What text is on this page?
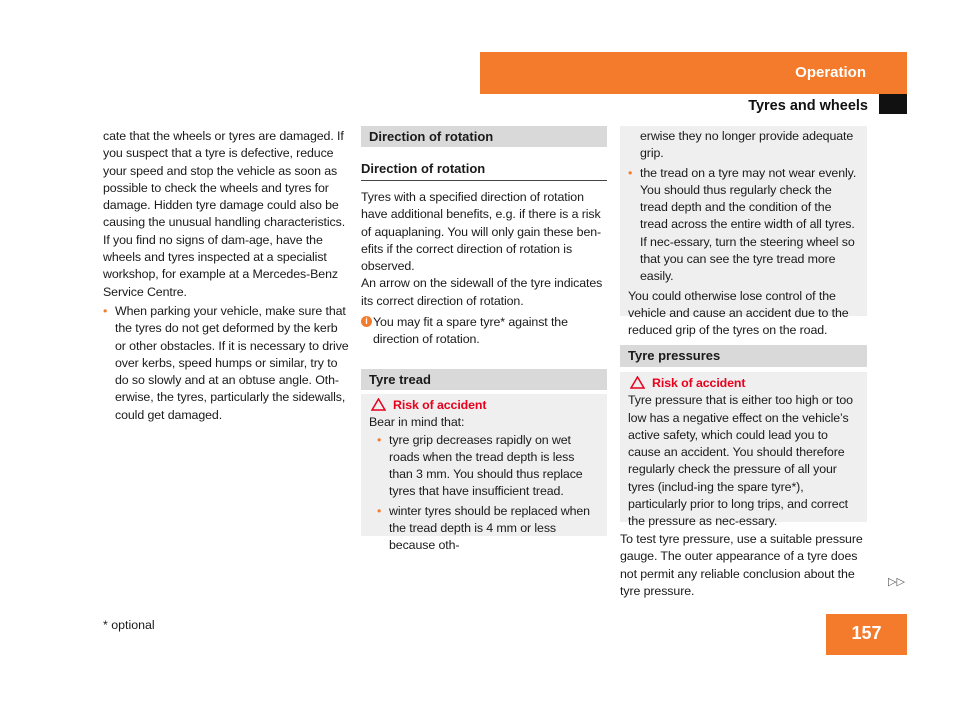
Operation
Tyres and wheels

cate that the wheels or tyres are damaged. If you suspect that a tyre is defective, reduce your speed and stop the vehicle as soon as possible to check the wheels and tyres for damage. Hidden tyre damage could also be causing the unusual handling characteristics. If you find no signs of dam-age, have the wheels and tyres inspected at a specialist workshop, for example at a Mercedes-Benz Service Centre.

• When parking your vehicle, make sure that the tyres do not get deformed by the kerb or other obstacles. If it is necessary to drive over kerbs, speed humps or similar, try to do so slowly and at an obtuse angle. Oth-erwise, the tyres, particularly the sidewalls, could get damaged.
Direction of rotation
Direction of rotation

Tyres with a specified direction of rotation have additional benefits, e.g. if there is a risk of aquaplaning. You will only gain these ben-efits if the correct direction of rotation is observed.

An arrow on the sidewall of the tyre indicates its correct direction of rotation.

i You may fit a spare tyre* against the direction of rotation.
Tyre tread
Risk of accident

Bear in mind that:

• tyre grip decreases rapidly on wet roads when the tread depth is less than 3 mm. You should thus replace tyres that have insufficient tread.
• winter tyres should be replaced when the tread depth is 4 mm or less because oth-

erwise they no longer provide adequate grip.

• the tread on a tyre may not wear evenly. You should thus regularly check the tread depth and the condition of the tread across the entire width of all tyres. If nec-essary, turn the steering wheel so that you can see the tyre tread more easily.

You could otherwise lose control of the vehicle and cause an accident due to the reduced grip of the tyres on the road.

Tyre pressures
Risk of accident

Tyre pressure that is either too high or too low has a negative effect on the vehicle’s active safety, which could lead you to cause an accident. You should therefore regularly check the pressure of all your tyres (includ-ing the spare tyre*), particularly prior to long trips, and correct the pressure as nec-essary.

To test tyre pressure, use a suitable pressure gauge. The outer appearance of a tyre does not permit any reliable conclusion about the tyre pressure.
▷▷
* optional	157
